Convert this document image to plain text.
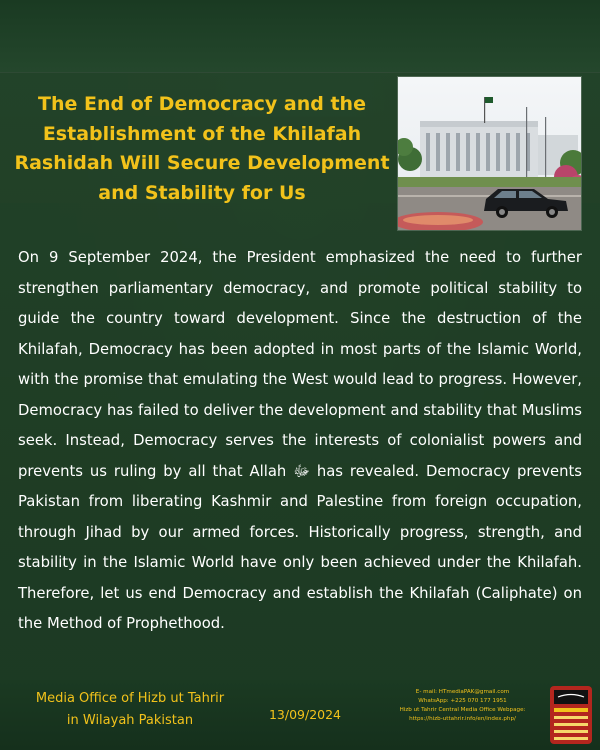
The End of Democracy and the Establishment of the Khilafah Rashidah Will Secure Development and Stability for Us
On 9 September 2024, the President emphasized the need to further strengthen parliamentary democracy, and promote political stability to guide the country toward development. Since the destruction of the Khilafah, Democracy has been adopted in most parts of the Islamic World, with the promise that emulating the West would lead to progress. However, Democracy has failed to deliver the development and stability that Muslims seek. Instead, Democracy serves the interests of colonialist powers and prevents us ruling by all that Allah ﷻ has revealed. Democracy prevents Pakistan from liberating Kashmir and Palestine from foreign occupation, through Jihad by our armed forces. Historically progress, strength, and stability in the Islamic World have only been achieved under the Khilafah. Therefore, let us end Democracy and establish the Khilafah (Caliphate) on the Method of Prophethood.
Media Office of Hizb ut Tahrir
in Wilayah Pakistan	13/09/2024
E- mail: HTmediaPAK@gmail.com
WhatsApp: +225 070 177 1951
Hizb ut Tahrir Central Media Office Webpage:
https://hizb-uttahrir.info/en/index.php/
